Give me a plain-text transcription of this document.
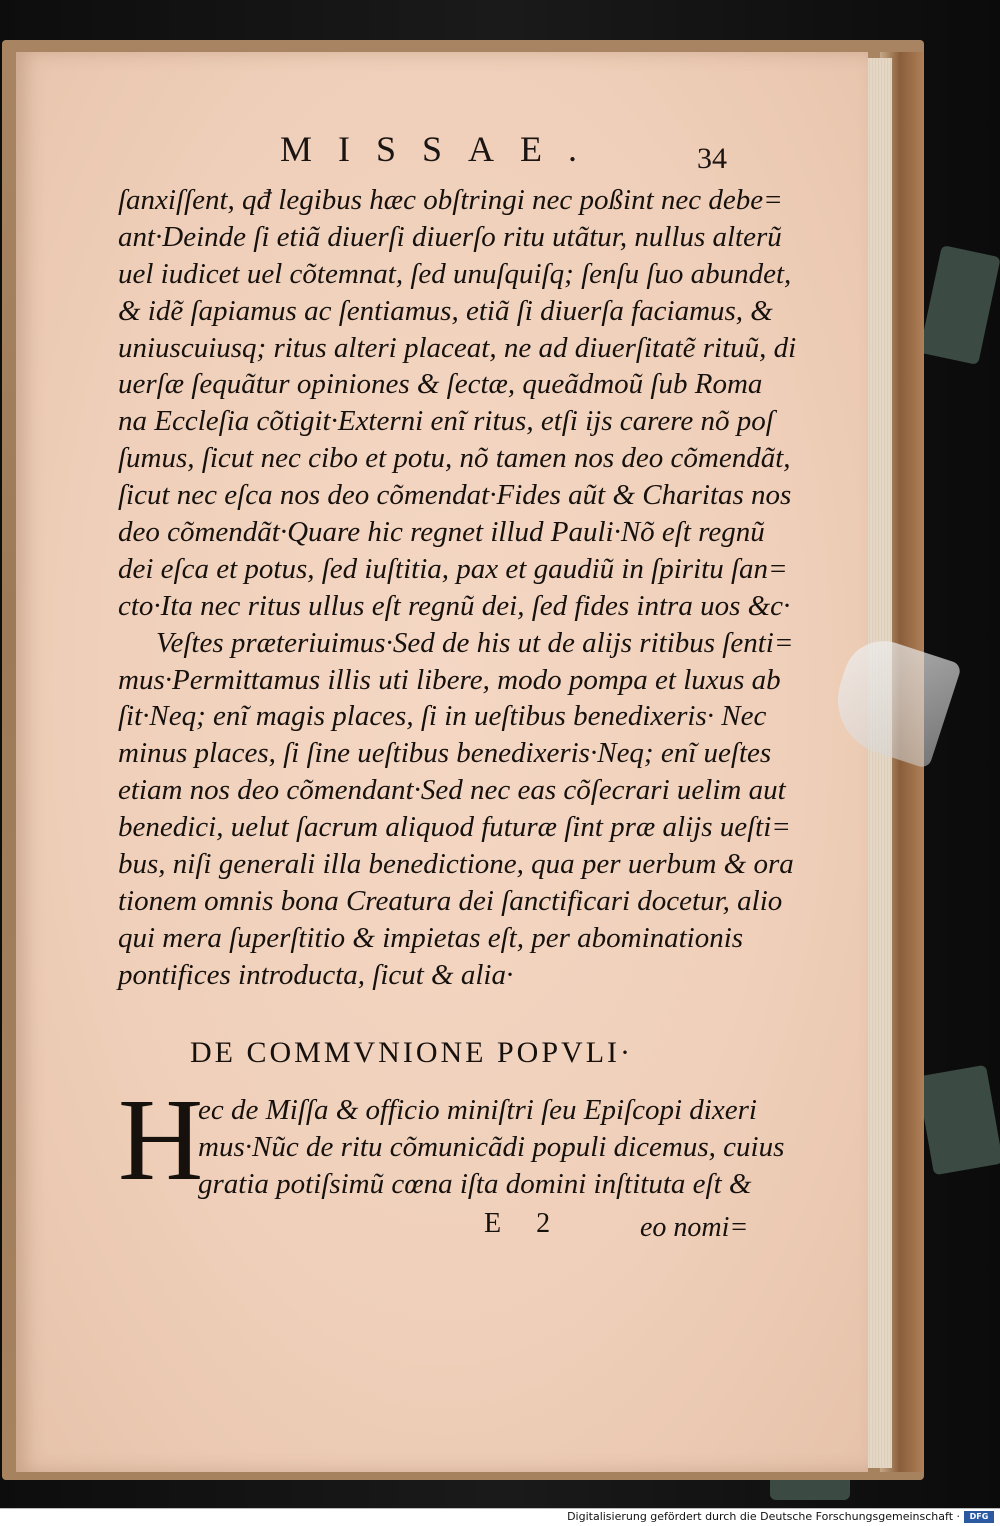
MISSAE.	34
ſanxiſſent, qđ legibus hæc obſtringi nec poßint nec debe=
ant·Deinde ſi etiã diuerſi diuerſo ritu utãtur, nullus alterũ
uel iudicet uel cõtemnat, ſed unuſquiſq; ſenſu ſuo abundet,
& idẽ ſapiamus ac ſentiamus, etiã ſi diuerſa faciamus, &
uniuscuiusq; ritus alteri placeat, ne ad diuerſitatẽ rituũ, di
uerſæ ſequãtur opiniones & ſectæ, queãdmoũ ſub Roma
na Eccleſia cõtigit·Externi enĩ ritus, etſi ijs carere nõ poſ
ſumus, ſicut nec cibo et potu, nõ tamen nos deo cõmendãt,
ſicut nec eſca nos deo cõmendat·Fides aũt & Charitas nos
deo cõmendãt·Quare hic regnet illud Pauli·Nõ eſt regnũ
dei eſca et potus, ſed iuſtitia, pax et gaudiũ in ſpiritu ſan=
cto·Ita nec ritus ullus eſt regnũ dei, ſed fides intra uos &c·
Veſtes præteriuimus·Sed de his ut de alijs ritibus ſenti=
mus·Permittamus illis uti libere, modo pompa et luxus ab
ſit·Neq; enĩ magis places, ſi in ueſtibus benedixeris· Nec
minus places, ſi ſine ueſtibus benedixeris·Neq; enĩ ueſtes
etiam nos deo cõmendant·Sed nec eas cõſecrari uelim aut
benedici, uelut ſacrum aliquod futuræ ſint præ alijs ueſti=
bus, niſi generali illa benedictione, qua per uerbum & ora
tionem omnis bona Creatura dei ſanctificari docetur, alio
qui mera ſuperſtitio & impietas eſt, per abominationis
pontifices introducta, ſicut & alia·
DE COMMVNIONE POPVLI·
H
ec de Miſſa & officio miniſtri ſeu Epiſcopi dixeri
mus·Nũc de ritu cõmunicãdi populi dicemus, cuius
gratia potiſsimũ cœna iſta domini inſtituta eſt &
E 2	eo nomi=
Digitalisierung gefördert durch die Deutsche Forschungsgemeinschaft ·	DFG
